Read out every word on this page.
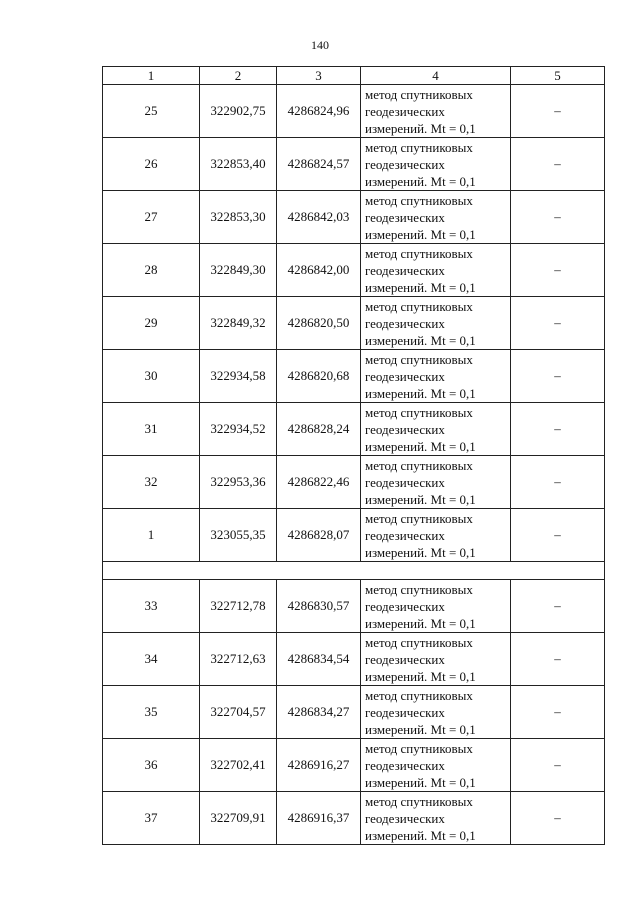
140
1	2	3	4	5
25	322902,75	4286824,96	метод спутниковых
геодезических
измерений. Mt = 0,1	–
26	322853,40	4286824,57	метод спутниковых
геодезических
измерений. Mt = 0,1	–
27	322853,30	4286842,03	метод спутниковых
геодезических
измерений. Mt = 0,1	–
28	322849,30	4286842,00	метод спутниковых
геодезических
измерений. Mt = 0,1	–
29	322849,32	4286820,50	метод спутниковых
геодезических
измерений. Mt = 0,1	–
30	322934,58	4286820,68	метод спутниковых
геодезических
измерений. Mt = 0,1	–
31	322934,52	4286828,24	метод спутниковых
геодезических
измерений. Mt = 0,1	–
32	322953,36	4286822,46	метод спутниковых
геодезических
измерений. Mt = 0,1	–
1	323055,35	4286828,07	метод спутниковых
геодезических
измерений. Mt = 0,1	–

33	322712,78	4286830,57	метод спутниковых
геодезических
измерений. Mt = 0,1	–
34	322712,63	4286834,54	метод спутниковых
геодезических
измерений. Mt = 0,1	–
35	322704,57	4286834,27	метод спутниковых
геодезических
измерений. Mt = 0,1	–
36	322702,41	4286916,27	метод спутниковых
геодезических
измерений. Mt = 0,1	–
37	322709,91	4286916,37	метод спутниковых
геодезических
измерений. Mt = 0,1	–
